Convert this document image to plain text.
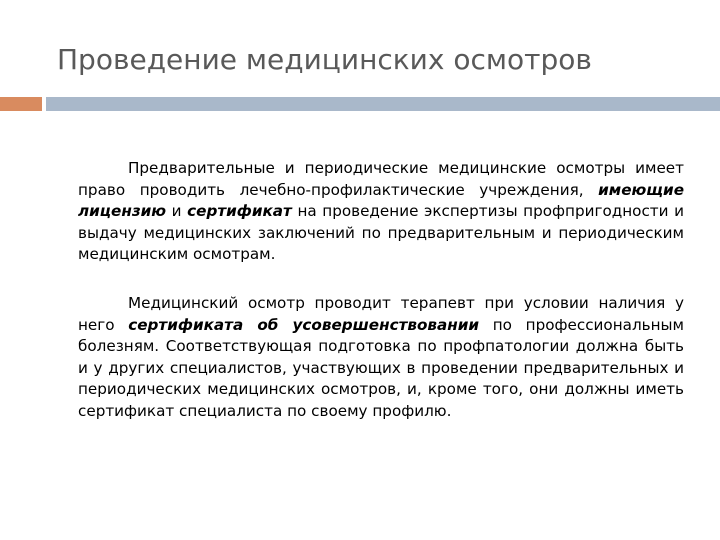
Проведение медицинских осмотров

Предварительные и периодические медицинские осмотры имеет право проводить лечебно-профилактические учреждения, имеющие лицензию и сертификат на проведение экспертизы профпригодности и выдачу медицинских заключений по предварительным и периодическим медицинским осмотрам.

Медицинский осмотр проводит терапевт при условии наличия у него сертификата об усовершенствовании по профессиональным болезням. Соответствующая подготовка по профпатологии должна быть и у других специалистов, участвующих в проведении предварительных и периодических медицинских осмотров, и, кроме того, они должны иметь сертификат специалиста по своему профилю.
